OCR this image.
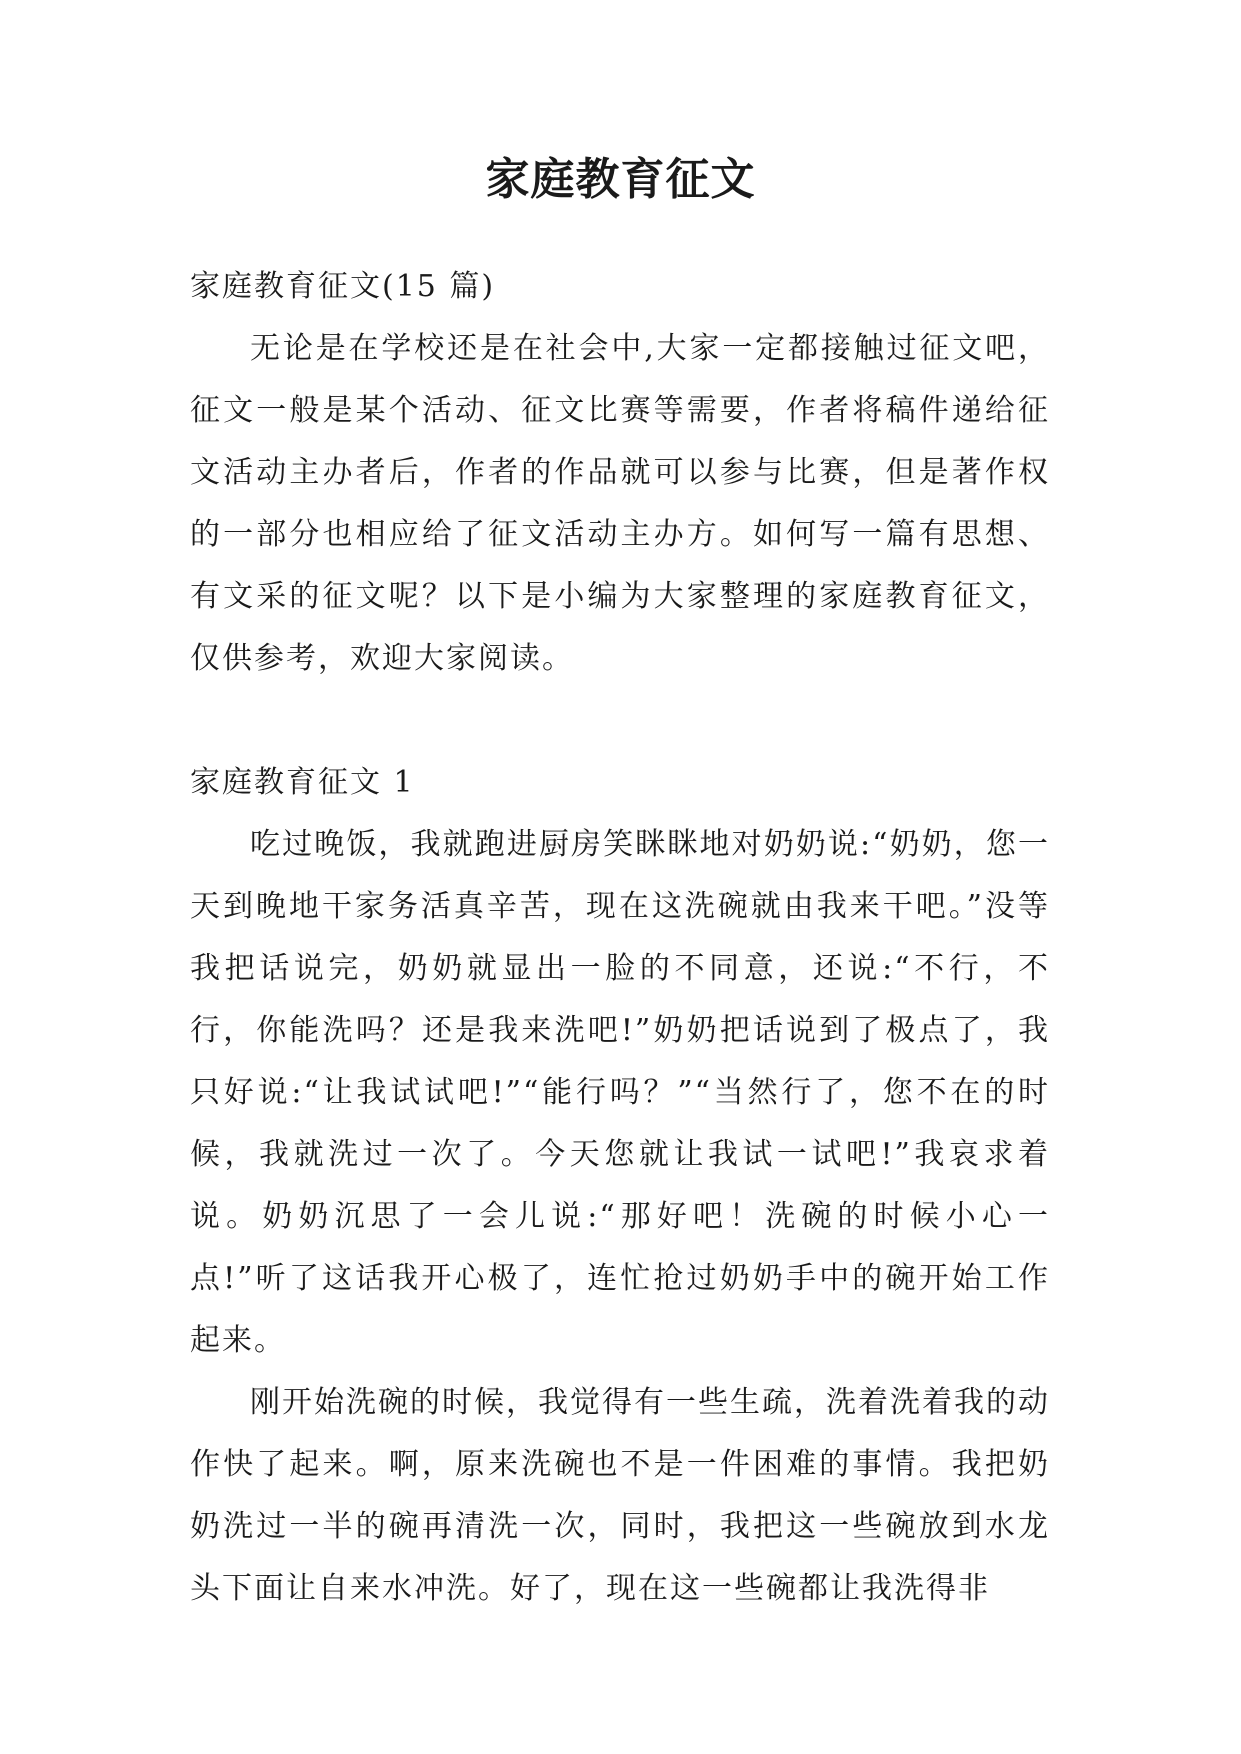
家庭教育征文

家庭教育征文(15 篇)

无论是在学校还是在社会中,大家一定都接触过征文吧，征文一般是某个活动、征文比赛等需要，作者将稿件递给征文活动主办者后，作者的作品就可以参与比赛，但是著作权的一部分也相应给了征文活动主办方。如何写一篇有思想、有文采的征文呢？以下是小编为大家整理的家庭教育征文，仅供参考，欢迎大家阅读。

家庭教育征文 1

吃过晚饭，我就跑进厨房笑眯眯地对奶奶说:“奶奶，您一天到晚地干家务活真辛苦，现在这洗碗就由我来干吧。”没等我把话说完，奶奶就显出一脸的不同意，还说:“不行，不行，你能洗吗？还是我来洗吧!”奶奶把话说到了极点了，我只好说:“让我试试吧!”“能行吗？”“当然行了，您不在的时候，我就洗过一次了。今天您就让我试一试吧!”我哀求着说。奶奶沉思了一会儿说:“那好吧！洗碗的时候小心一点!”听了这话我开心极了，连忙抢过奶奶手中的碗开始工作起来。

刚开始洗碗的时候，我觉得有一些生疏，洗着洗着我的动作快了起来。啊，原来洗碗也不是一件困难的事情。我把奶奶洗过一半的碗再清洗一次，同时，我把这一些碗放到水龙头下面让自来水冲洗。好了，现在这一些碗都让我洗得非
